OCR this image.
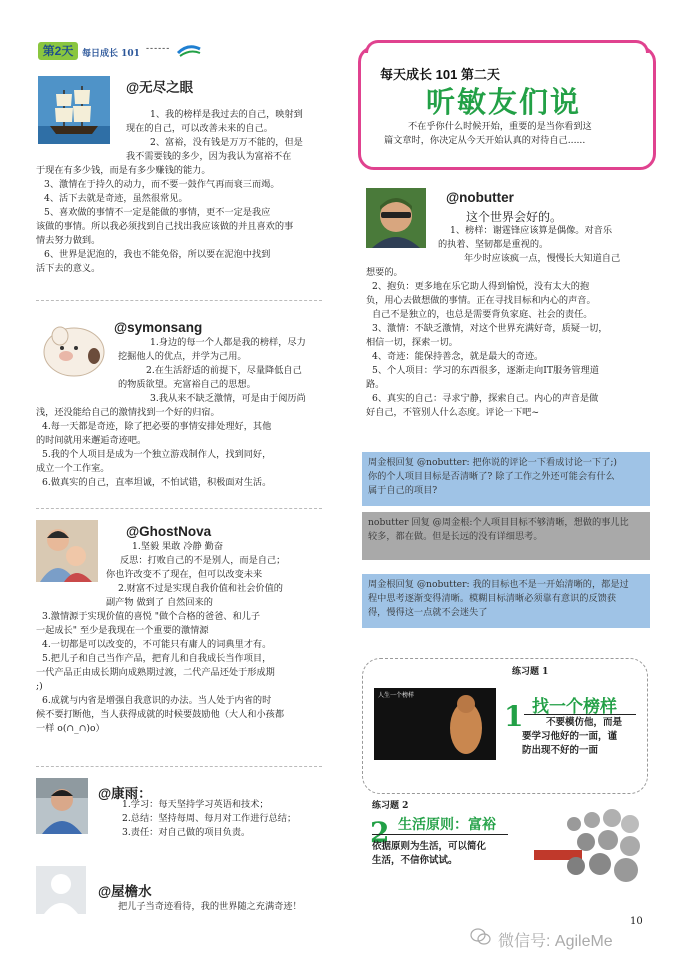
第2天 每日成长 101 ------
每天成长 101 第二天
听敏友们说
不在乎你什么时候开始，重要的是当你看到这
篇文章时，你决定从今天开始认真的对待自己......
@无尽之眼
1、我的榜样是我过去的自己，映射到
现在的自己，可以改善未来的自己。
2、富裕，没有钱是万万不能的，但是
我不需要钱的多少，因为我认为富裕不在
于现在有多少钱，而是有多少赚钱的能力。
3、激情在于持久的动力，而不要一鼓作气再而衰三而竭。
4、活下去就是奇迹，虽然很常见。
5、喜欢做的事情不一定是能做的事情，更不一定是我应
该做的事情。所以我必须找到自己找出我应该做的并且喜欢的事
情去努力做到。
6、世界是泥泡的，我也不能免俗，所以要在泥泡中找到
活下去的意义。
@symonsang
1.身边的每一个人都是我的榜样，尽力
挖掘他人的优点，并学为己用。
2.在生活舒适的前提下，尽量降低自己
的物质欲望。充富裕自己的思想。
3.我从来不缺乏激情，可是由于阅历尚
浅，还没能给自己的激情找到一个好的归宿。
4.每一天都是奇迹，除了把必要的事情安排处理好，其他
的时间就用来邂逅奇迹吧。
5.我的个人项目是成为一个独立游戏制作人，找到同好，
成立一个工作室。
6.做真实的自己，直率坦诚，不怕试错，积极面对生活。
@GhostNova
1.坚毅 果敢 冷静 勤奋
反思：打败自己的不是别人，而是自己；
你也许改变不了现在，但可以改变未来
2.财富不过是实现自我价值和社会价值的
副产物 做到了 自然回来的
3.激情源于实现价值的喜悦 "做个合格的爸爸、和儿子
一起成长" 至少是我现在一个重要的激情源
4.一切都是可以改变的，不可能只有庸人的词典里才有。
5.把儿子和自己当作产品，把育儿和自我成长当作项目，
一代产品正由成长期向成熟期过渡，二代产品还处于形成期
;)
6.成就与内省是增强自我意识的办法。当人处于内省的时
候不要打断他，当人获得成就的时候要鼓励他（大人和小孩都
一样 o(∩_∩)o）
@康雨：
1.学习：每天坚持学习英语和技术；
2.总结：坚持每周、每月对工作进行总结；
3.责任：对自己做的项目负责。
@屋檐水
把儿子当奇迹看待，我的世界随之充满奇迹！
@nobutter
这个世界会好的。
1、榜样：谢霆锋应该算是偶像。对音乐
的执着、坚韧都是重视的。
年少时应该疯一点，慢慢长大知道自己
想要的。
2、抱负：更多地在乐它助人得到愉悦，没有太大的抱
负，用心去做想做的事情。正在寻找目标和内心的声音。
自己不是独立的，也总是需要背负家庭、社会的责任。
3、激情：不缺乏激情，对这个世界充满好奇，质疑一切，
相信一切，探索一切。
4、奇迹：能保持善念，就是最大的奇迹。
5、个人项目：学习的东西很多，逐渐走向IT服务管理道
路。
6、真实的自己：寻求宁静，探索自己。内心的声音是做
好自己，不管别人什么态度。评论一下吧~
周金根回复 @nobutter: 把你说的评论一下看成讨论一下了;)
你的个人项目目标是否清晰了? 除了工作之外还可能会有什么
属于自己的项目?
nobutter 回复 @周金根:个人项目目标不够清晰，想做的事儿比
较多，都在做。但是长远的没有详细思考。
周金根回复 @nobutter: 我的目标也不是一开始清晰的，都是过
程中思考逐渐变得清晰。模糊目标清晰必须靠有意识的反馈获
得，慢得这一点就不会迷失了
练习题 1
人生一个榜样
1 找一个榜样
不要模仿他，而是
要学习他好的一面，谨
防出现不好的一面
练习题 2
2 生活原则：富裕
依据原则为生活，可以简化
生活，不信你试试。
10
微信号: AgileMe
